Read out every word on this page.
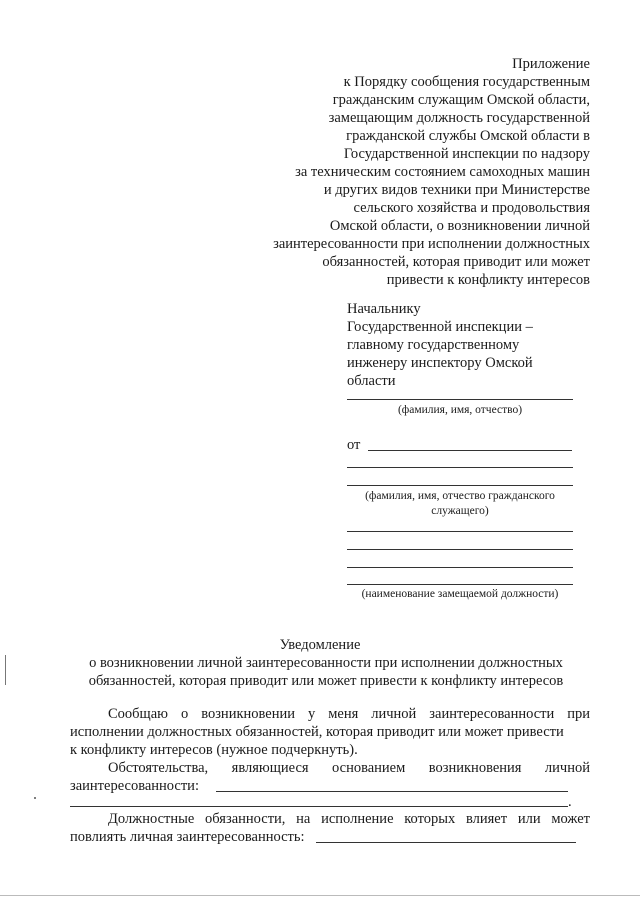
Приложение
к Порядку сообщения государственным
гражданским служащим Омской области,
замещающим должность государственной
гражданской службы Омской области в
Государственной инспекции по надзору
за техническим состоянием самоходных машин
и других видов техники при Министерстве
сельского хозяйства и продовольствия
Омской области, о возникновении личной
заинтересованности при исполнении должностных
обязанностей, которая приводит или может
привести к конфликту интересов
Начальнику
Государственной инспекции –
главному государственному
инженеру инспектору Омской
области
(фамилия, имя, отчество)
от
(фамилия, имя, отчество гражданского
служащего)
(наименование замещаемой должности)
Уведомление
о возникновении личной заинтересованности при исполнении должностных
обязанностей, которая приводит или может привести к конфликту интересов
Сообщаю о возникновении у меня личной заинтересованности при
исполнении должностных обязанностей, которая приводит или может привести
к конфликту интересов (нужное подчеркнуть).
Обстоятельства, являющиеся основанием возникновения личной
заинтересованности:
.
Должностные обязанности, на исполнение которых влияет или может
повлиять личная заинтересованность:
